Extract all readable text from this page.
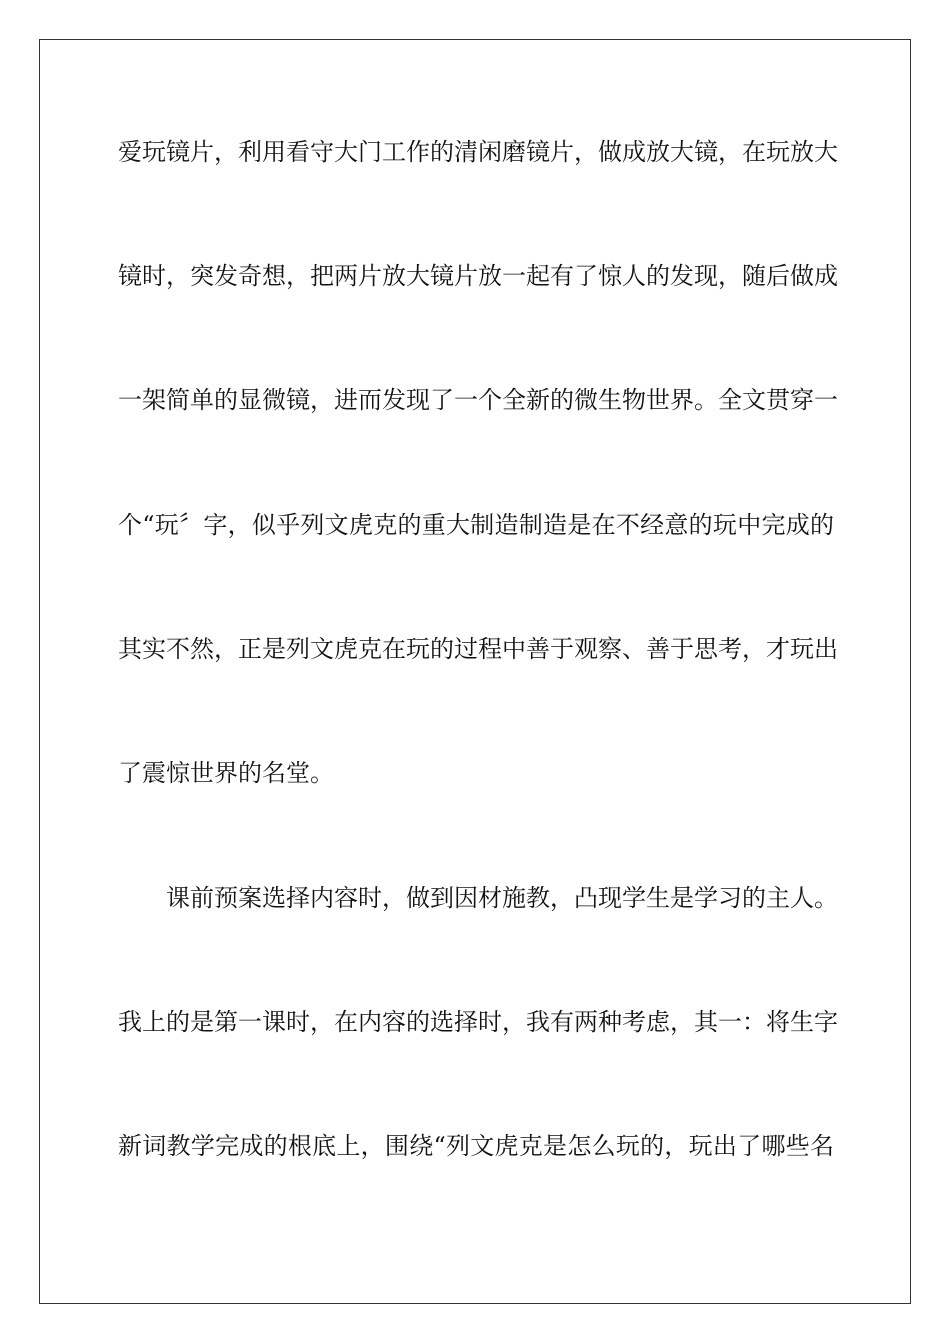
爱玩镜片，利用看守大门工作的清闲磨镜片，做成放大镜，在玩放大
镜时，突发奇想，把两片放大镜片放一起有了惊人的发现，随后做成
一架简单的显微镜，进而发现了一个全新的微生物世界。全文贯穿一
个“玩〞字，似乎列文虎克的重大制造制造是在不经意的玩中完成的
其实不然，正是列文虎克在玩的过程中善于观察、善于思考，才玩出
了震惊世界的名堂。
课前预案选择内容时，做到因材施教，凸现学生是学习的主人。
我上的是第一课时，在内容的选择时，我有两种考虑，其一：将生字
新词教学完成的根底上，围绕“列文虎克是怎么玩的，玩出了哪些名
